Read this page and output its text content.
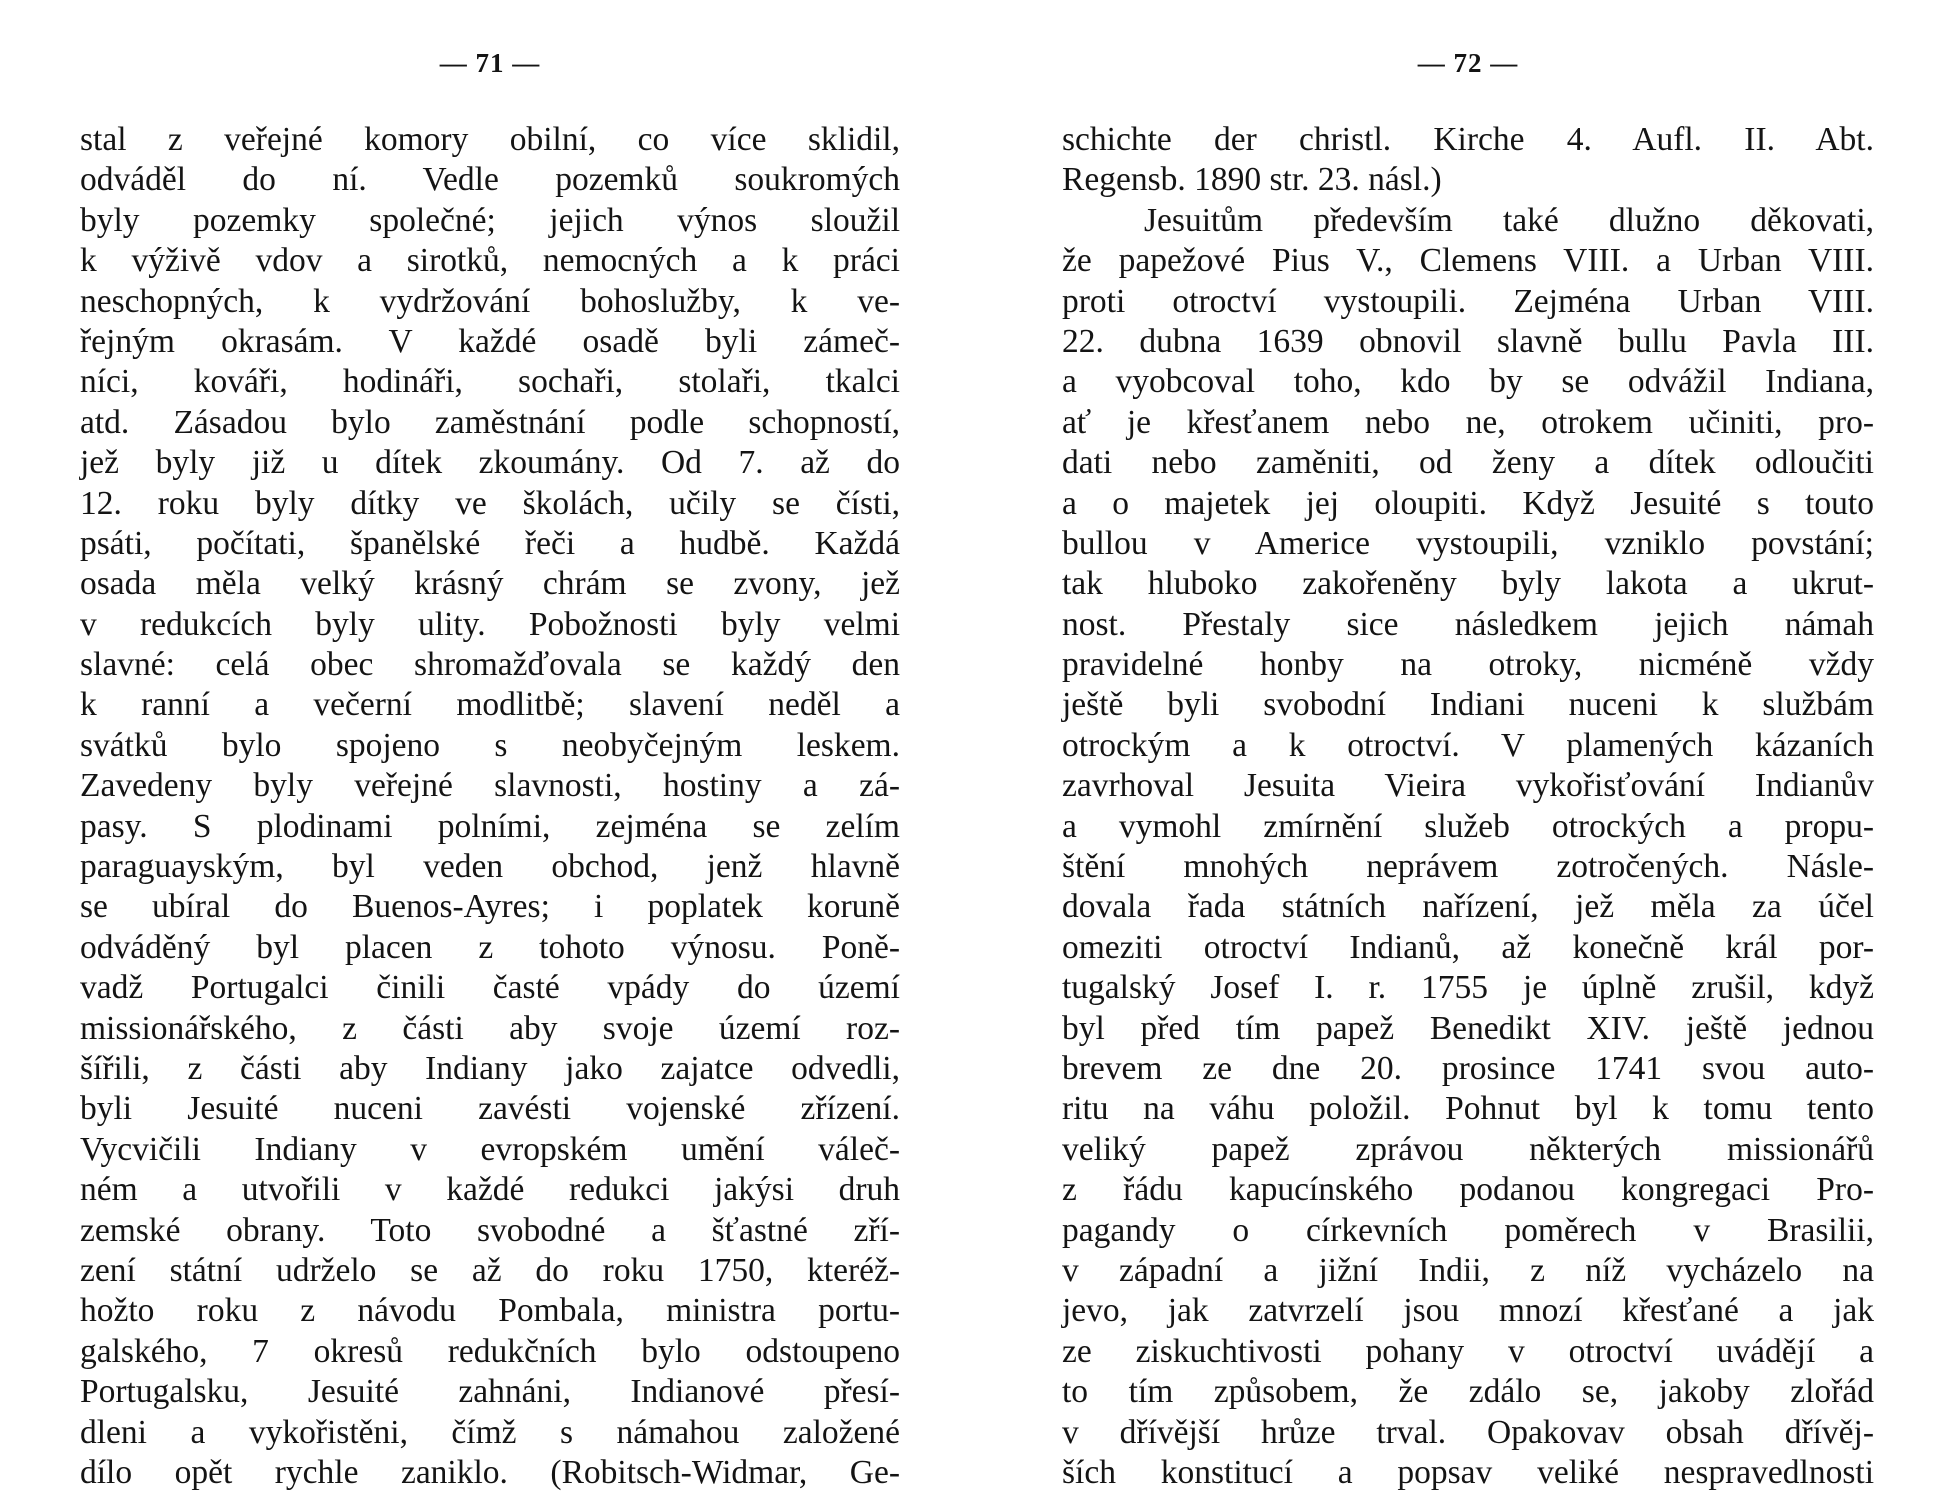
— 71 —
stal z veřejné komory obilní, co více sklidil,
odváděl do ní. Vedle pozemků soukromých
byly pozemky společné; jejich výnos sloužil
k výživě vdov a sirotků, nemocných a k práci
neschopných, k vydržování bohoslužby, k ve-
řejným okrasám. V každé osadě byli zámeč-
níci, kováři, hodináři, sochaři, stolaři, tkalci
atd. Zásadou bylo zaměstnání podle schopností,
jež byly již u dítek zkoumány. Od 7. až do
12. roku byly dítky ve školách, učily se čísti,
psáti, počítati, španělské řeči a hudbě. Každá
osada měla velký krásný chrám se zvony, jež
v redukcích byly ulity. Pobožnosti byly velmi
slavné: celá obec shromažďovala se každý den
k ranní a večerní modlitbě; slavení neděl a
svátků bylo spojeno s neobyčejným leskem.
Zavedeny byly veřejné slavnosti, hostiny a zá-
pasy. S plodinami polními, zejména se zelím
paraguayským, byl veden obchod, jenž hlavně
se ubíral do Buenos-Ayres; i poplatek koruně
odváděný byl placen z tohoto výnosu. Poně-
vadž Portugalci činili časté vpády do území
missionářského, z části aby svoje území roz-
šířili, z části aby Indiany jako zajatce odvedli,
byli Jesuité nuceni zavésti vojenské zřízení.
Vycvičili Indiany v evropském umění váleč-
ném a utvořili v každé redukci jakýsi druh
zemské obrany. Toto svobodné a šťastné zří-
zení státní udrželo se až do roku 1750, kteréž-
hožto roku z návodu Pombala, ministra portu-
galského, 7 okresů redukčních bylo odstoupeno
Portugalsku, Jesuité zahnáni, Indianové přesí-
dleni a vykořistěni, čímž s námahou založené
dílo opět rychle zaniklo. (Robitsch-Widmar, Ge-
— 72 —
schichte der christl. Kirche 4. Aufl. II. Abt.
Regensb. 1890 str. 23. násl.)
Jesuitům především také dlužno děkovati,
že papežové Pius V., Clemens VIII. a Urban VIII.
proti otroctví vystoupili. Zejména Urban VIII.
22. dubna 1639 obnovil slavně bullu Pavla III.
a vyobcoval toho, kdo by se odvážil Indiana,
ať je křesťanem nebo ne, otrokem učiniti, pro-
dati nebo zaměniti, od ženy a dítek odloučiti
a o majetek jej oloupiti. Když Jesuité s touto
bullou v Americe vystoupili, vzniklo povstání;
tak hluboko zakořeněny byly lakota a ukrut-
nost. Přestaly sice následkem jejich námah
pravidelné honby na otroky, nicméně vždy
ještě byli svobodní Indiani nuceni k službám
otrockým a k otroctví. V plamených kázaních
zavrhoval Jesuita Vieira vykořisťování Indianův
a vymohl zmírnění služeb otrockých a propu-
štění mnohých neprávem zotročených. Násle-
dovala řada státních nařízení, jež měla za účel
omeziti otroctví Indianů, až konečně král por-
tugalský Josef I. r. 1755 je úplně zrušil, když
byl před tím papež Benedikt XIV. ještě jednou
brevem ze dne 20. prosince 1741 svou auto-
ritu na váhu položil. Pohnut byl k tomu tento
veliký papež zprávou některých missionářů
z řádu kapucínského podanou kongregaci Pro-
pagandy o církevních poměrech v Brasilii,
v západní a jižní Indii, z níž vycházelo na
jevo, jak zatvrzelí jsou mnozí křesťané a jak
ze ziskuchtivosti pohany v otroctví uvádějí a
to tím způsobem, že zdálo se, jakoby zlořád
v dřívější hrůze trval. Opakovav obsah dřívěj-
ších konstitucí a popsav veliké nespravedlnosti
